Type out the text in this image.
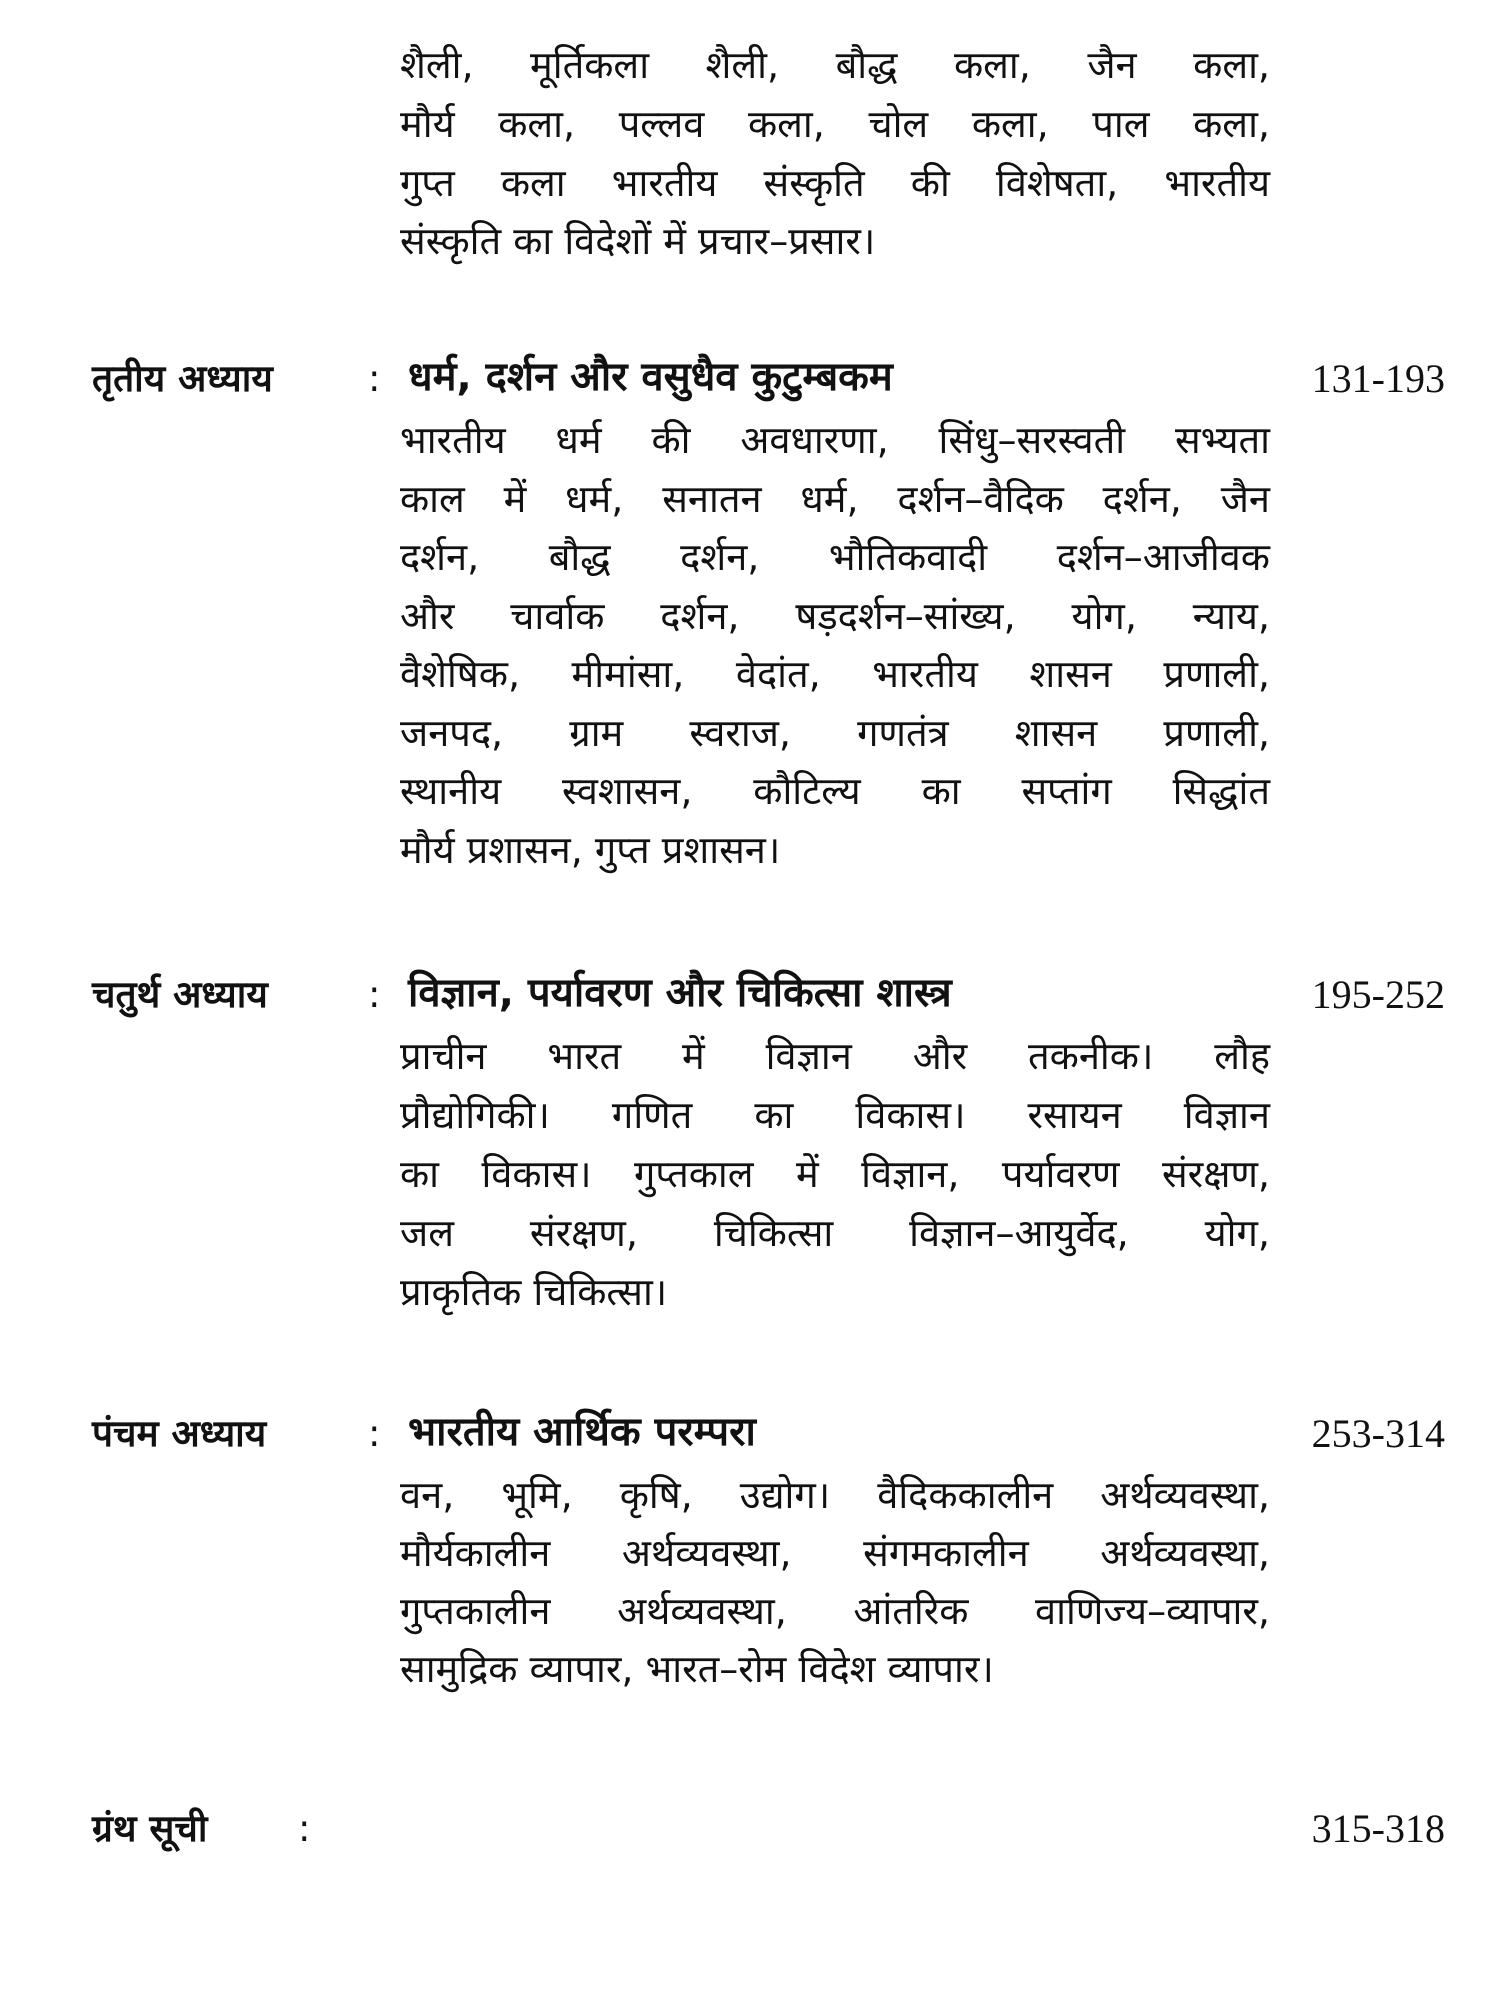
शैली, मूर्तिकला शैली, बौद्ध कला, जैन कला,
मौर्य कला, पल्लव कला, चोल कला, पाल कला,
गुप्त कला भारतीय संस्कृति की विशेषता, भारतीय
संस्कृति का विदेशों में प्रचार–प्रसार।
तृतीय अध्याय	: धर्म, दर्शन और वसुधैव कुटुम्बकम	131-193
भारतीय धर्म की अवधारणा, सिंधु–सरस्वती सभ्यता
काल में धर्म, सनातन धर्म, दर्शन–वैदिक दर्शन, जैन
दर्शन, बौद्ध दर्शन, भौतिकवादी दर्शन–आजीवक
और चार्वाक दर्शन, षड़दर्शन–सांख्य, योग, न्याय,
वैशेषिक, मीमांसा, वेदांत, भारतीय शासन प्रणाली,
जनपद, ग्राम स्वराज, गणतंत्र शासन प्रणाली,
स्थानीय स्वशासन, कौटिल्य का सप्तांग सिद्धांत
मौर्य प्रशासन, गुप्त प्रशासन।
चतुर्थ अध्याय	: विज्ञान, पर्यावरण और चिकित्सा शास्त्र	195-252
प्राचीन भारत में विज्ञान और तकनीक। लौह
प्रौद्योगिकी। गणित का विकास। रसायन विज्ञान
का विकास। गुप्तकाल में विज्ञान, पर्यावरण संरक्षण,
जल संरक्षण, चिकित्सा विज्ञान–आयुर्वेद, योग,
प्राकृतिक चिकित्सा।
पंचम अध्याय	: भारतीय आर्थिक परम्परा	253-314
वन, भूमि, कृषि, उद्योग। वैदिककालीन अर्थव्यवस्था,
मौर्यकालीन अर्थव्यवस्था, संगमकालीन अर्थव्यवस्था,
गुप्तकालीन अर्थव्यवस्था, आंतरिक वाणिज्य–व्यापार,
सामुद्रिक व्यापार, भारत–रोम विदेश व्यापार।
ग्रंथ सूची :	315-318
